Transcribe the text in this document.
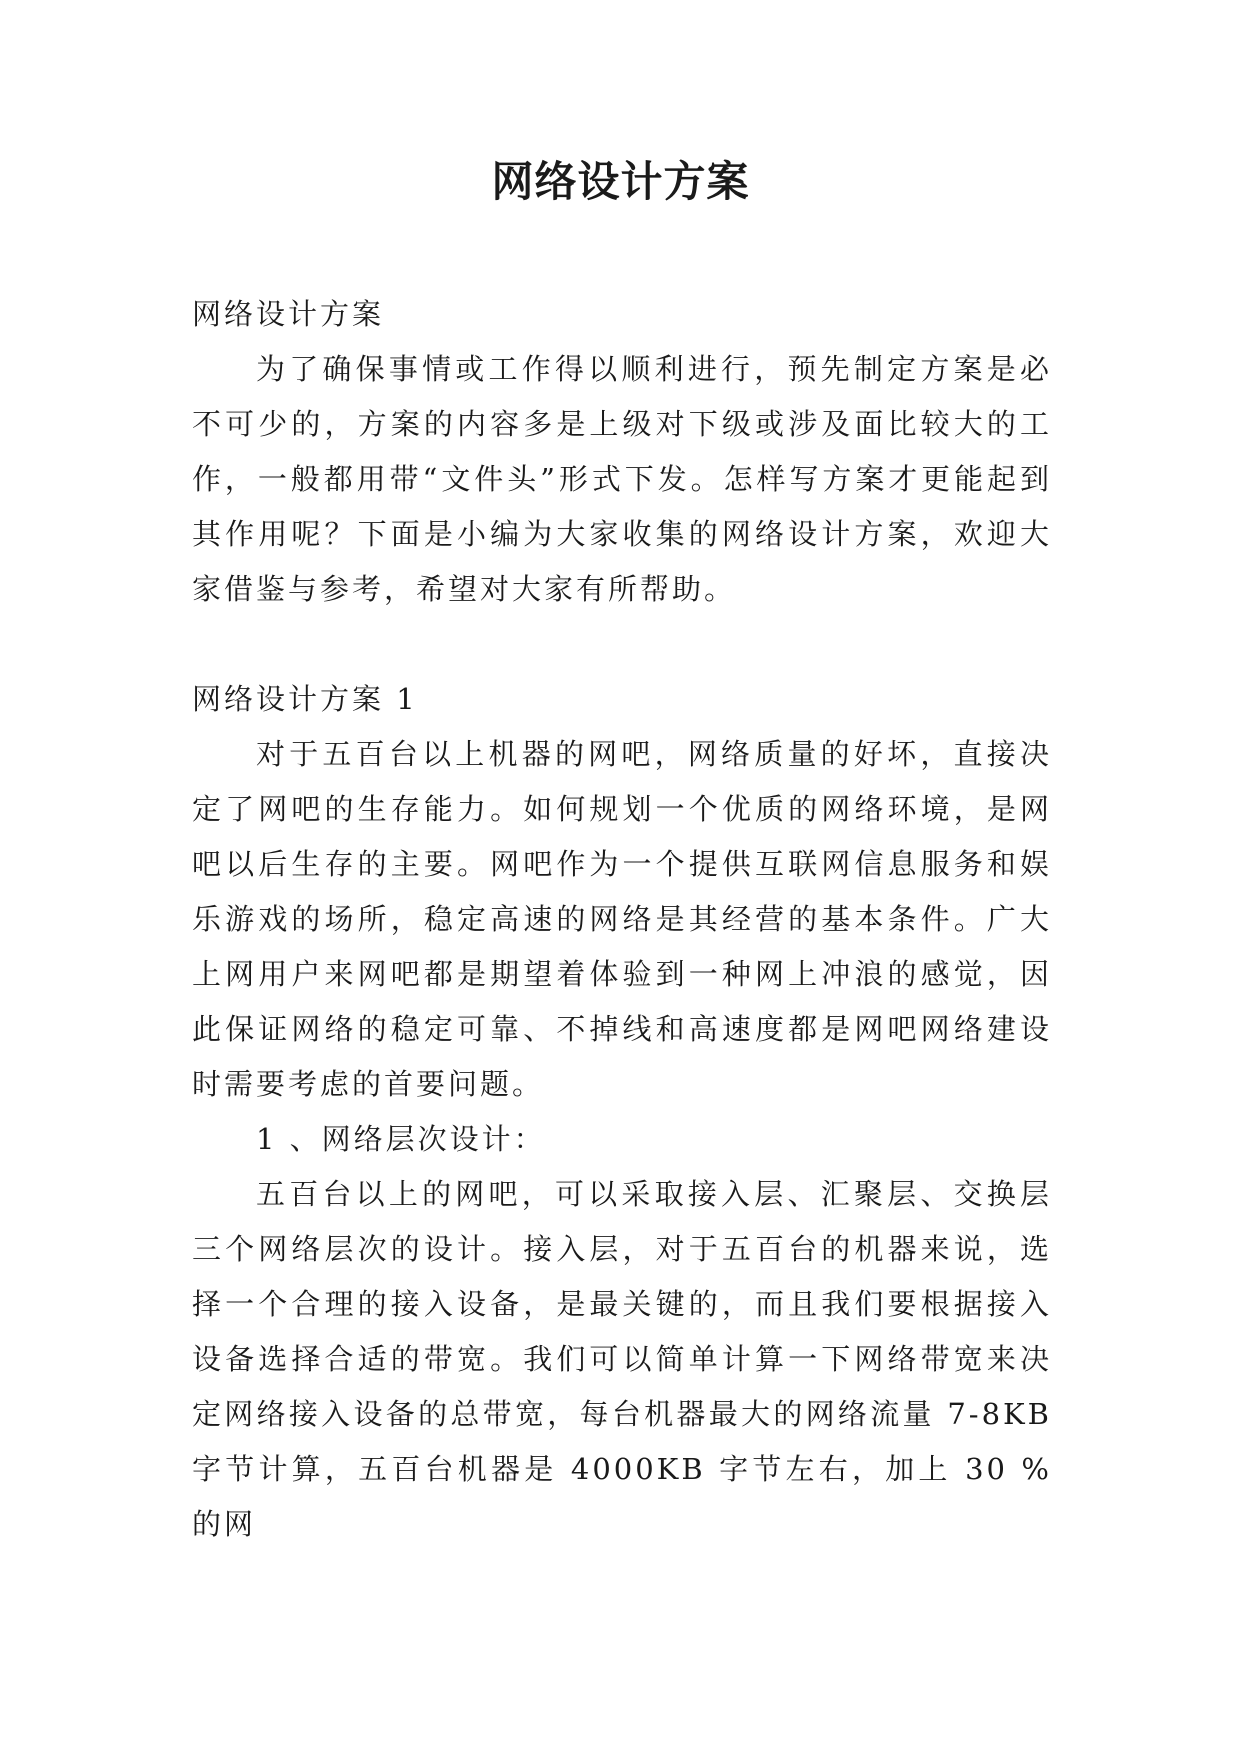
网络设计方案

网络设计方案

为了确保事情或工作得以顺利进行，预先制定方案是必不可少的，方案的内容多是上级对下级或涉及面比较大的工作，一般都用带“文件头”形式下发。怎样写方案才更能起到其作用呢？下面是小编为大家收集的网络设计方案，欢迎大家借鉴与参考，希望对大家有所帮助。

网络设计方案 1

对于五百台以上机器的网吧，网络质量的好坏，直接决定了网吧的生存能力。如何规划一个优质的网络环境，是网吧以后生存的主要。网吧作为一个提供互联网信息服务和娱乐游戏的场所，稳定高速的网络是其经营的基本条件。广大上网用户来网吧都是期望着体验到一种网上冲浪的感觉，因此保证网络的稳定可靠、不掉线和高速度都是网吧网络建设时需要考虑的首要问题。

1 、网络层次设计：

五百台以上的网吧，可以采取接入层、汇聚层、交换层三个网络层次的设计。接入层，对于五百台的机器来说，选择一个合理的接入设备，是最关键的，而且我们要根据接入设备选择合适的带宽。我们可以简单计算一下网络带宽来决定网络接入设备的总带宽，每台机器最大的网络流量 7-8KB 字节计算，五百台机器是 4000KB 字节左右，加上 30 %的网
